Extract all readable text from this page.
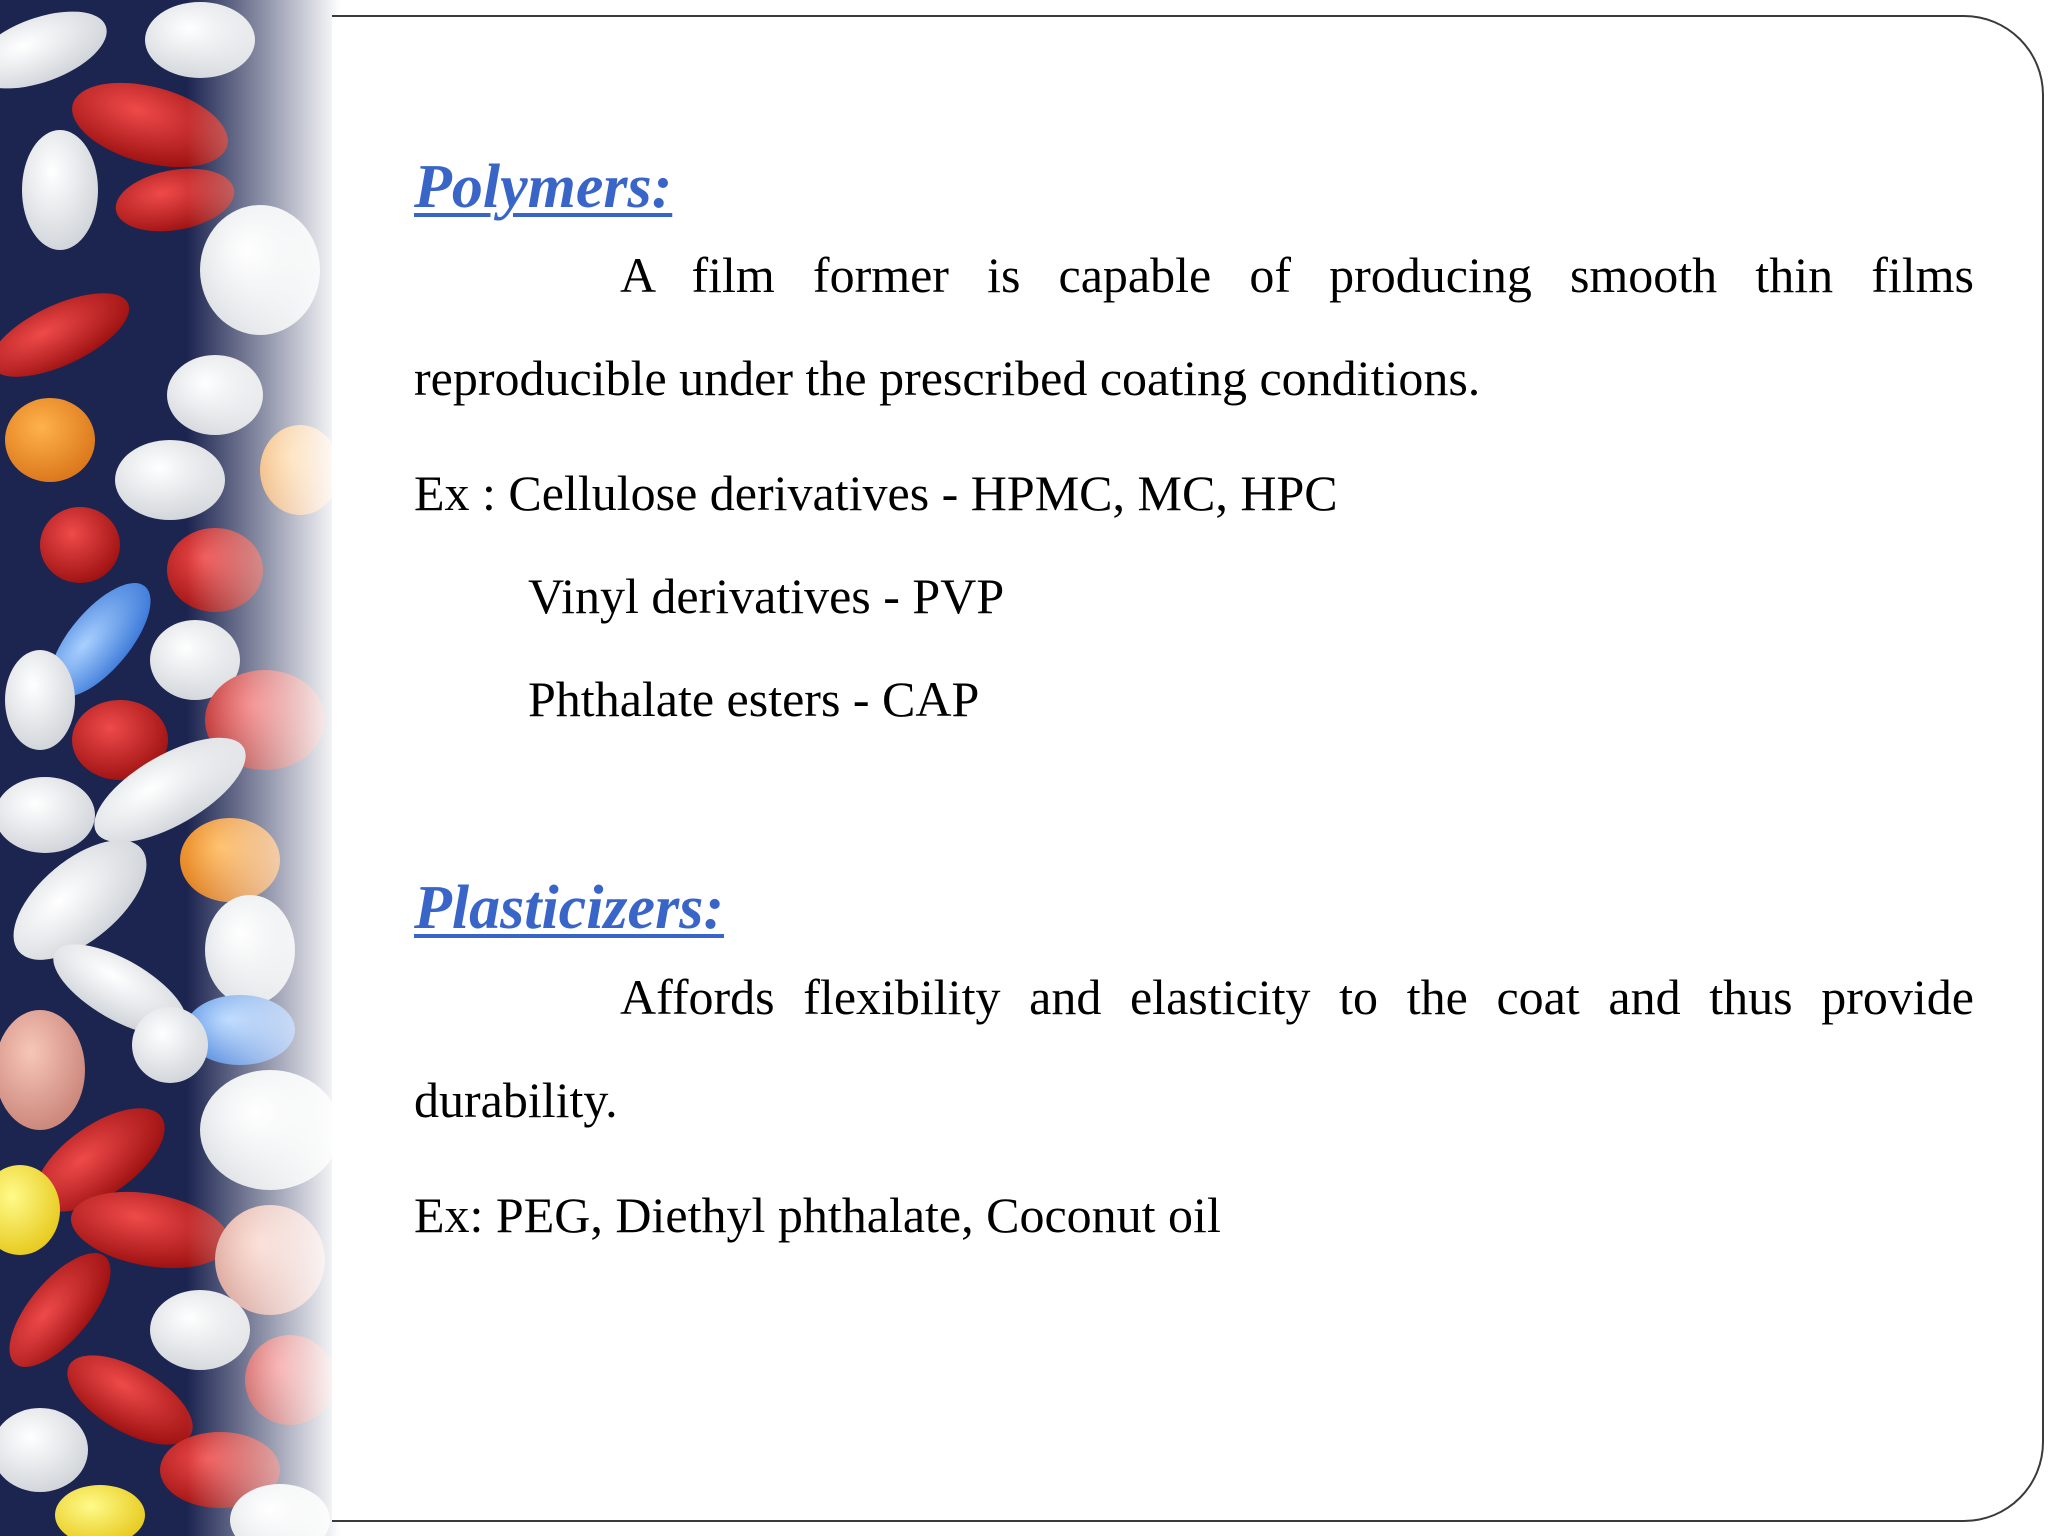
Polymers:

A film former is capable of producing smooth thin films reproducible under the prescribed coating conditions.

Ex : Cellulose derivatives - HPMC, MC, HPC

Vinyl derivatives - PVP

Phthalate esters - CAP

Plasticizers:

Affords flexibility and elasticity to the coat and thus provide durability.

Ex: PEG, Diethyl phthalate, Coconut oil
